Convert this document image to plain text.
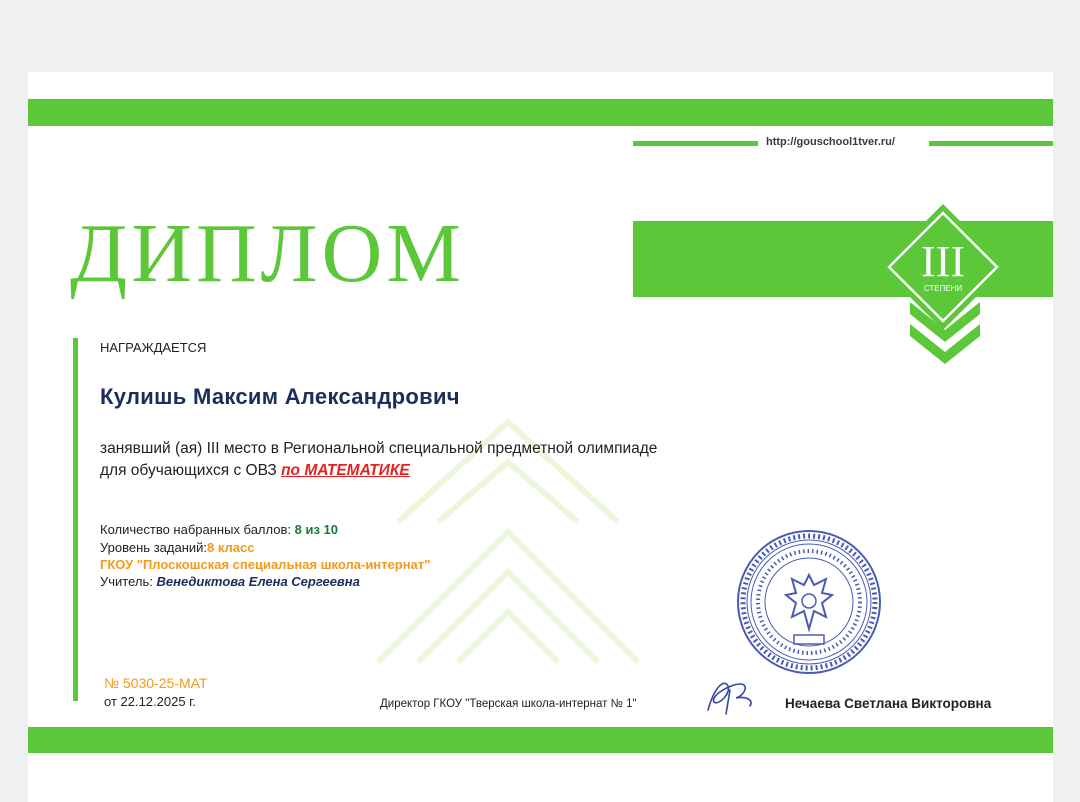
http://gouschool1tver.ru/
ДИПЛОМ	III
СТЕПЕНИ
НАГРАЖДАЕТСЯ
Кулишь Максим Александрович
занявший (ая) III место в Региональной специальной предметной олимпиаде
для обучающихся с ОВЗ по МАТЕМАТИКЕ
Количество набранных баллов: 8 из 10
Уровень заданий:8 класс
ГКОУ "Плоскошская специальная школа-интернат"
Учитель: Венедиктова Елена Сергеевна
№ 5030-25-МАТ
от 22.12.2025 г.	Директор ГКОУ "Тверская школа-интернат № 1"	Нечаева Светлана Викторовна
